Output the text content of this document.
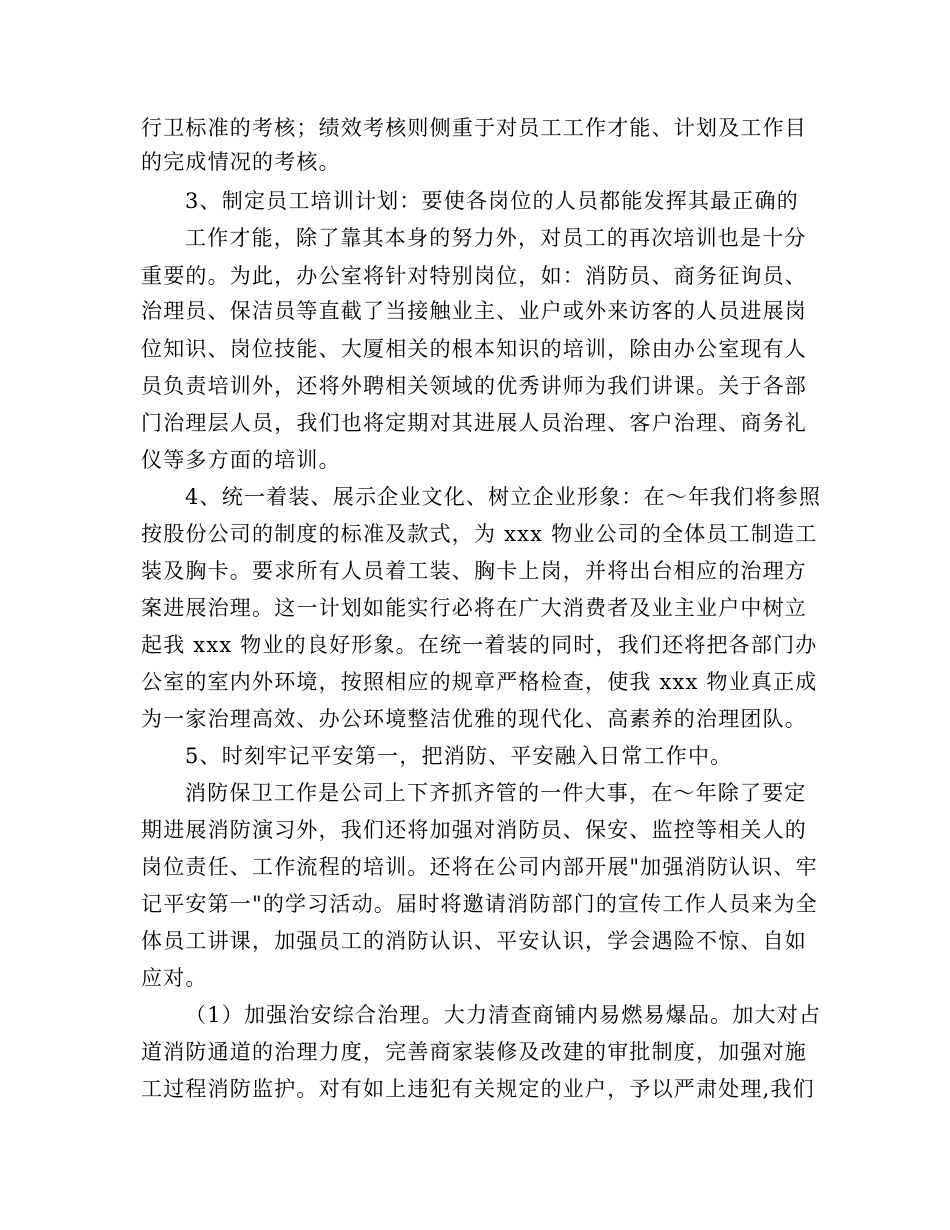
行卫标准的考核；绩效考核则侧重于对员工工作才能、计划及工作目
的完成情况的考核。
3、制定员工培训计划：要使各岗位的人员都能发挥其最正确的
工作才能，除了靠其本身的努力外，对员工的再次培训也是十分
重要的。为此，办公室将针对特别岗位，如：消防员、商务征询员、
治理员、保洁员等直截了当接触业主、业户或外来访客的人员进展岗
位知识、岗位技能、大厦相关的根本知识的培训，除由办公室现有人
员负责培训外，还将外聘相关领域的优秀讲师为我们讲课。关于各部
门治理层人员，我们也将定期对其进展人员治理、客户治理、商务礼
仪等多方面的培训。
4、统一着装、展示企业文化、树立企业形象：在～年我们将参照
按股份公司的制度的标准及款式，为 xxx 物业公司的全体员工制造工
装及胸卡。要求所有人员着工装、胸卡上岗，并将出台相应的治理方
案进展治理。这一计划如能实行必将在广大消费者及业主业户中树立
起我 xxx 物业的良好形象。在统一着装的同时，我们还将把各部门办
公室的室内外环境，按照相应的规章严格检查，使我 xxx 物业真正成
为一家治理高效、办公环境整洁优雅的现代化、高素养的治理团队。
5、时刻牢记平安第一，把消防、平安融入日常工作中。
消防保卫工作是公司上下齐抓齐管的一件大事，在～年除了要定
期进展消防演习外，我们还将加强对消防员、保安、监控等相关人的
岗位责任、工作流程的培训。还将在公司内部开展"加强消防认识、牢
记平安第一"的学习活动。届时将邀请消防部门的宣传工作人员来为全
体员工讲课，加强员工的消防认识、平安认识，学会遇险不惊、自如
应对。
（1）加强治安综合治理。大力清查商铺内易燃易爆品。加大对占
道消防通道的治理力度，完善商家装修及改建的审批制度，加强对施
工过程消防监护。对有如上违犯有关规定的业户，予以严肃处理,我们
